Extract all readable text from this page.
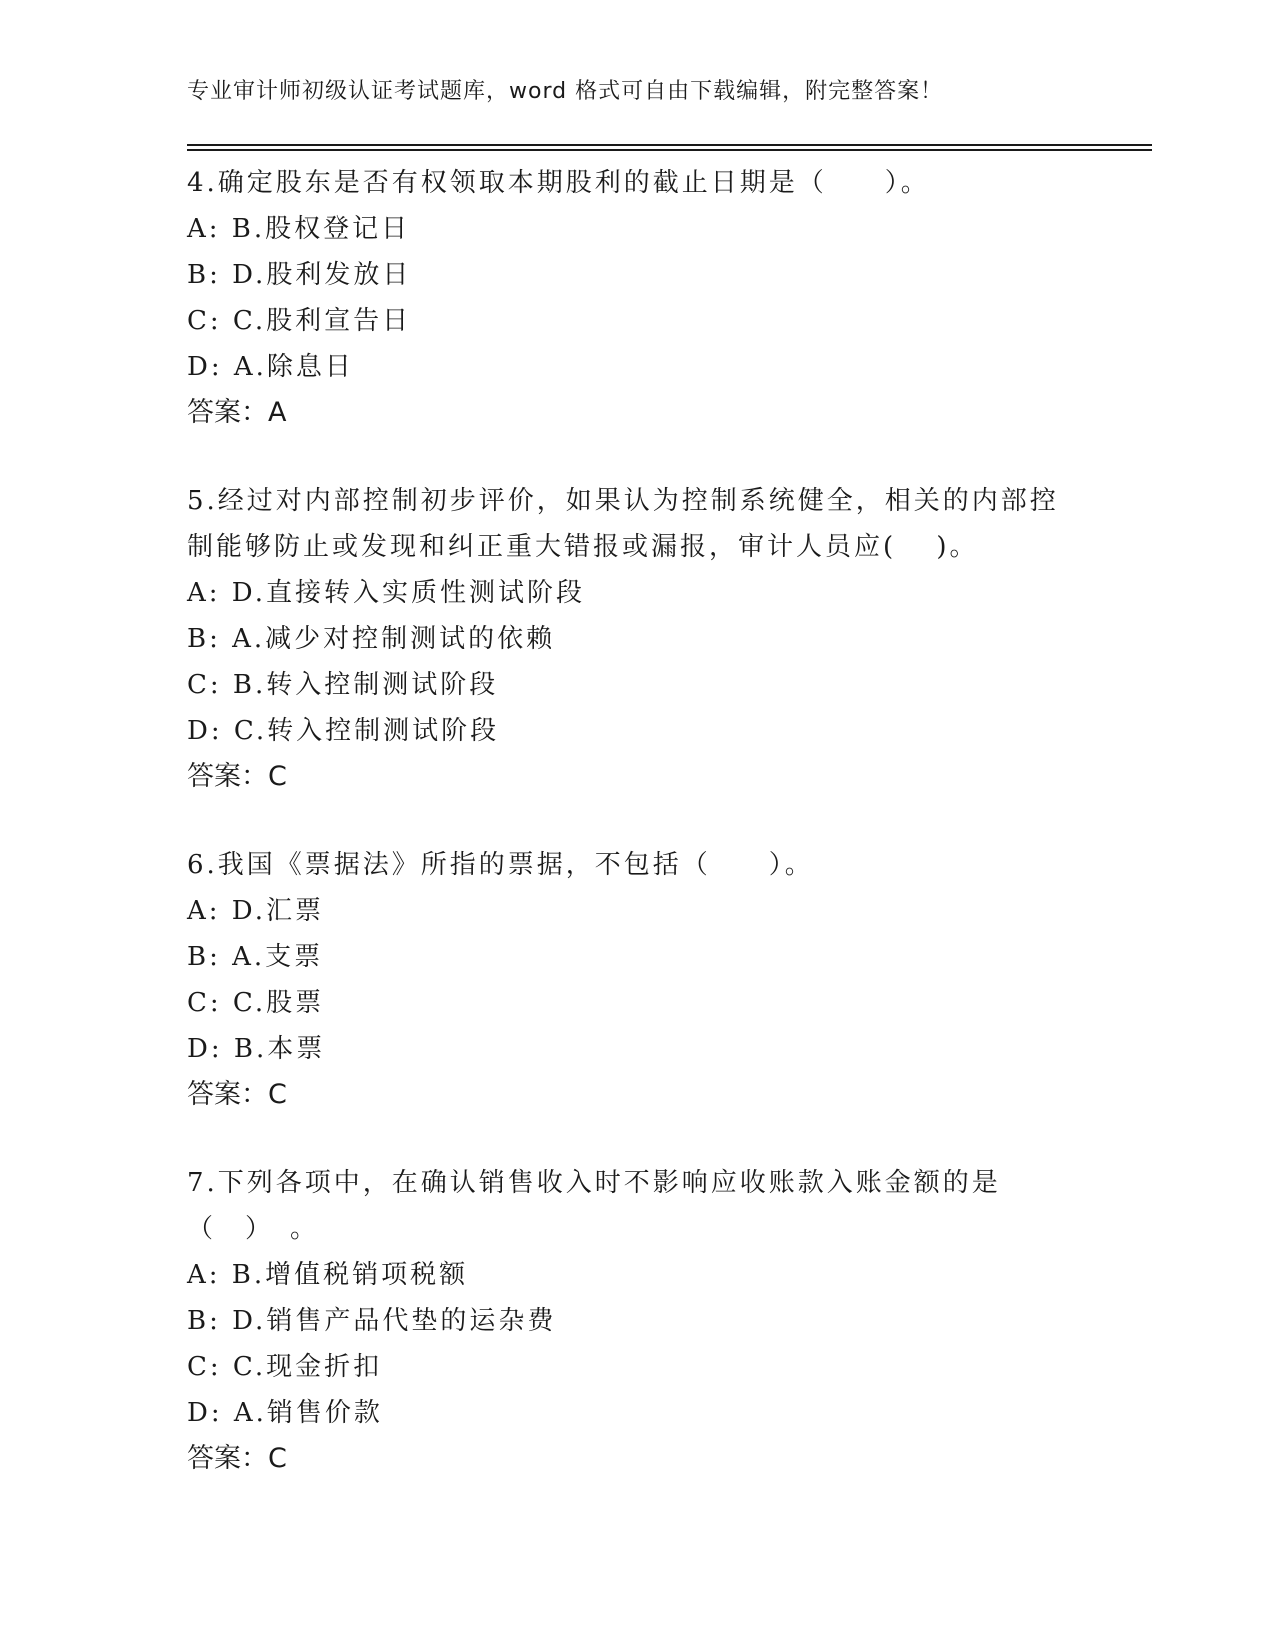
专业审计师初级认证考试题库，word 格式可自由下载编辑，附完整答案！
4.确定股东是否有权领取本期股利的截止日期是（　　）。
A: B.股权登记日
B: D.股利发放日
C: C.股利宣告日
D: A.除息日
答案：A
5.经过对内部控制初步评价，如果认为控制系统健全，相关的内部控制能够防止或发现和纠正重大错报或漏报，审计人员应(　 )。
A: D.直接转入实质性测试阶段
B: A.减少对控制测试的依赖
C: B.转入控制测试阶段
D: C.转入控制测试阶段
答案：C
6.我国《票据法》所指的票据，不包括（　　）。
A: D.汇票
B: A.支票
C: C.股票
D: B.本票
答案：C
7.下列各项中，在确认销售收入时不影响应收账款入账金额的是（　）　。
A: B.增值税销项税额
B: D.销售产品代垫的运杂费
C: C.现金折扣
D: A.销售价款
答案：C
